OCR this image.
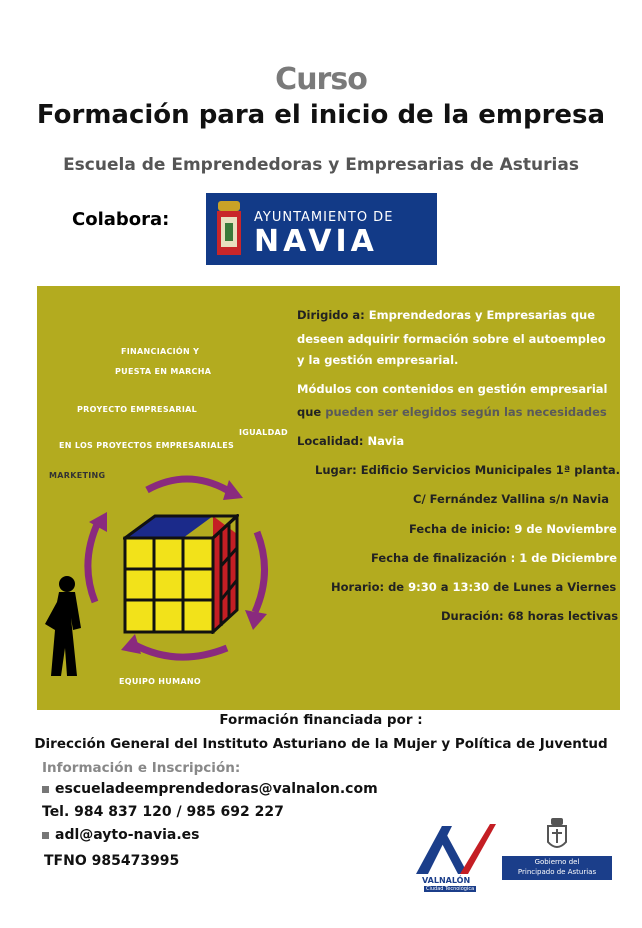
Curso
Formación para el inicio de la empresa
Escuela de Emprendedoras y Empresarias de Asturias
Colabora:	AYUNTAMIENTO DE
NAVIA
FINANCIACIÓN Y
PUESTA EN MARCHA
PROYECTO EMPRESARIAL
IGUALDAD
EN LOS PROYECTOS EMPRESARIALES
MARKETING
EQUIPO HUMANO
Dirigido a: Emprendedoras y Empresarias que
deseen adquirir formación sobre el autoempleo
y la gestión empresarial.
Módulos con contenidos en gestión empresarial
que pueden ser elegidos según las necesidades
Localidad: Navia
Lugar: Edificio Servicios Municipales 1ª planta.
C/ Fernández Vallina s/n Navia
Fecha de inicio: 9 de Noviembre
Fecha de finalización : 1 de Diciembre
Horario: de 9:30 a 13:30 de Lunes a Viernes
Duración: 68 horas lectivas
Formación financiada por :
Dirección General del Instituto Asturiano de la Mujer y Política de Juventud
Información e Inscripción:
escueladeemprendedoras@valnalon.com
Tel. 984 837 120 / 985 692 227
adl@ayto-navia.es
TFNO 985473995
VALNALÓN
Ciudad Tecnológica
Gobierno del
Principado de Asturias
